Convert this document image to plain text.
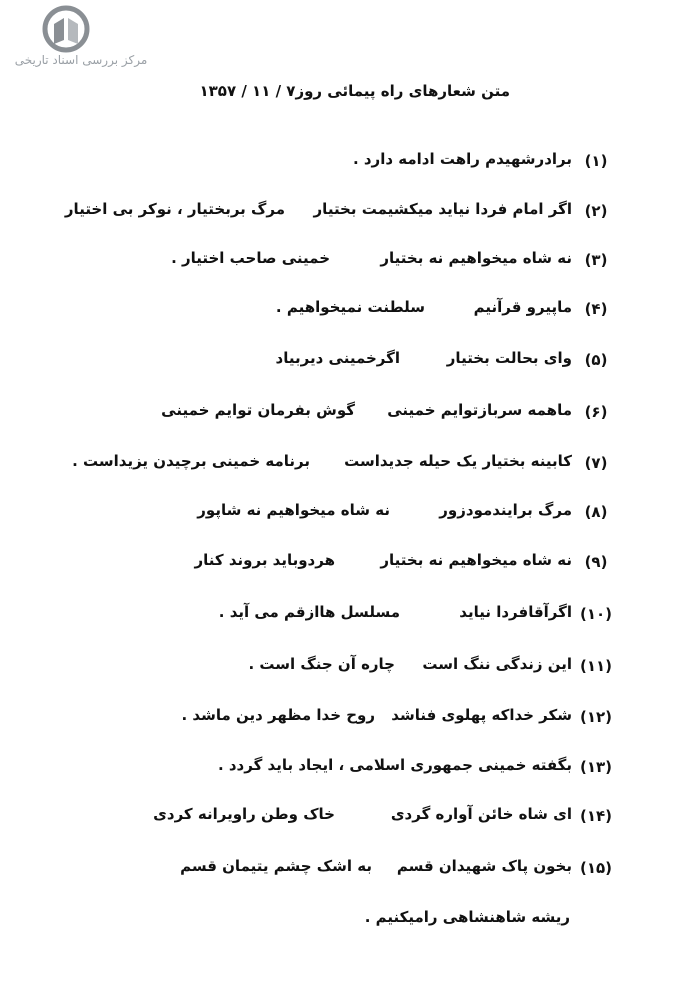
مرکز بررسی اسناد تاریخی
متن شعارهای راه پیمائی روز۷ / ۱۱ / ۱۳۵۷
(۱)
برادرشهیدم راهت ادامه دارد .
(۲)
اگر امام فردا نیاید میکشیمت بختیار
مرگ بربختیار ، نوکر بی اختیار
(۳)
نه شاه میخواهیم نه بختیار
خمینی صاحب اختیار .
(۴)
ماپیرو قرآنیم
سلطنت نمیخواهیم .
(۵)
وای بحالت بختیار
اگرخمینی دیربیاد
(۶)
ماهمه سربازتوایم خمینی
گوش بفرمان توایم خمینی
(۷)
کابینه بختیار یک حیله جدیداست
برنامه خمینی برچیدن یزیداست .
(۸)
مرگ برایندمودزور
نه شاه میخواهیم نه شاپور
(۹)
نه شاه میخواهیم نه بختیار
هردوباید بروند کنار
(۱۰)
اگرآقافردا نیاید
مسلسل هاازقم می آید .
(۱۱)
این زندگی ننگ است
چاره آن جنگ است .
(۱۲)
شکر خداکه پهلوی فناشد
روح خدا مظهر دین ماشد .
(۱۳)
بگفته خمینی جمهوری اسلامی ، ایجاد باید گردد .
(۱۴)
ای شاه خائن آواره گردی
خاک وطن راویرانه کردی
(۱۵)
بخون پاک شهیدان قسم
به اشک چشم یتیمان قسم
ریشه شاهنشاهی رامیکنیم .
